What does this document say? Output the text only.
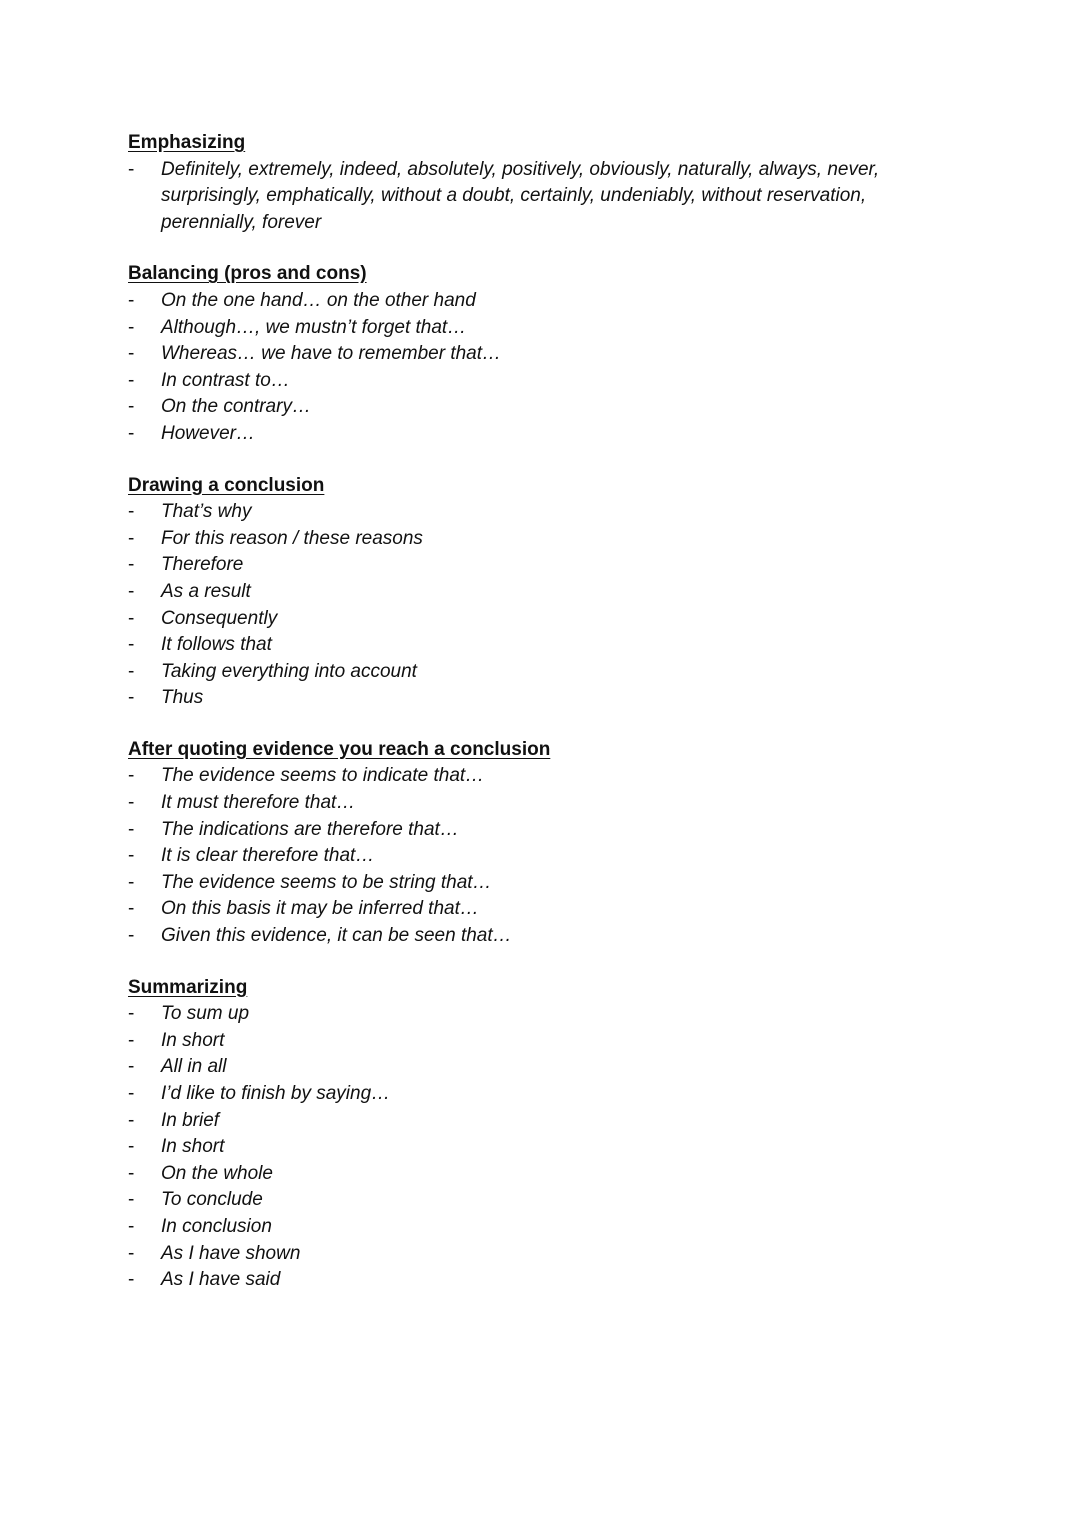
Emphasizing
- Definitely, extremely, indeed, absolutely, positively, obviously, naturally, always, never, surprisingly, emphatically, without a doubt, certainly, undeniably, without reservation, perennially, forever
Balancing (pros and cons)
- On the one hand… on the other hand
- Although…, we mustn’t forget that…
- Whereas… we have to remember that…
- In contrast to…
- On the contrary…
- However…
Drawing a conclusion
- That’s why
- For this reason / these reasons
- Therefore
- As a result
- Consequently
- It follows that
- Taking everything into account
- Thus
After quoting evidence you reach a conclusion
- The evidence seems to indicate that…
- It must therefore that…
- The indications are therefore that…
- It is clear therefore that…
- The evidence seems to be string that…
- On this basis it may be inferred that…
- Given this evidence, it can be seen that…
Summarizing
- To sum up
- In short
- All in all
- I’d like to finish by saying…
- In brief
- In short
- On the whole
- To conclude
- In conclusion
- As I have shown
- As I have said
